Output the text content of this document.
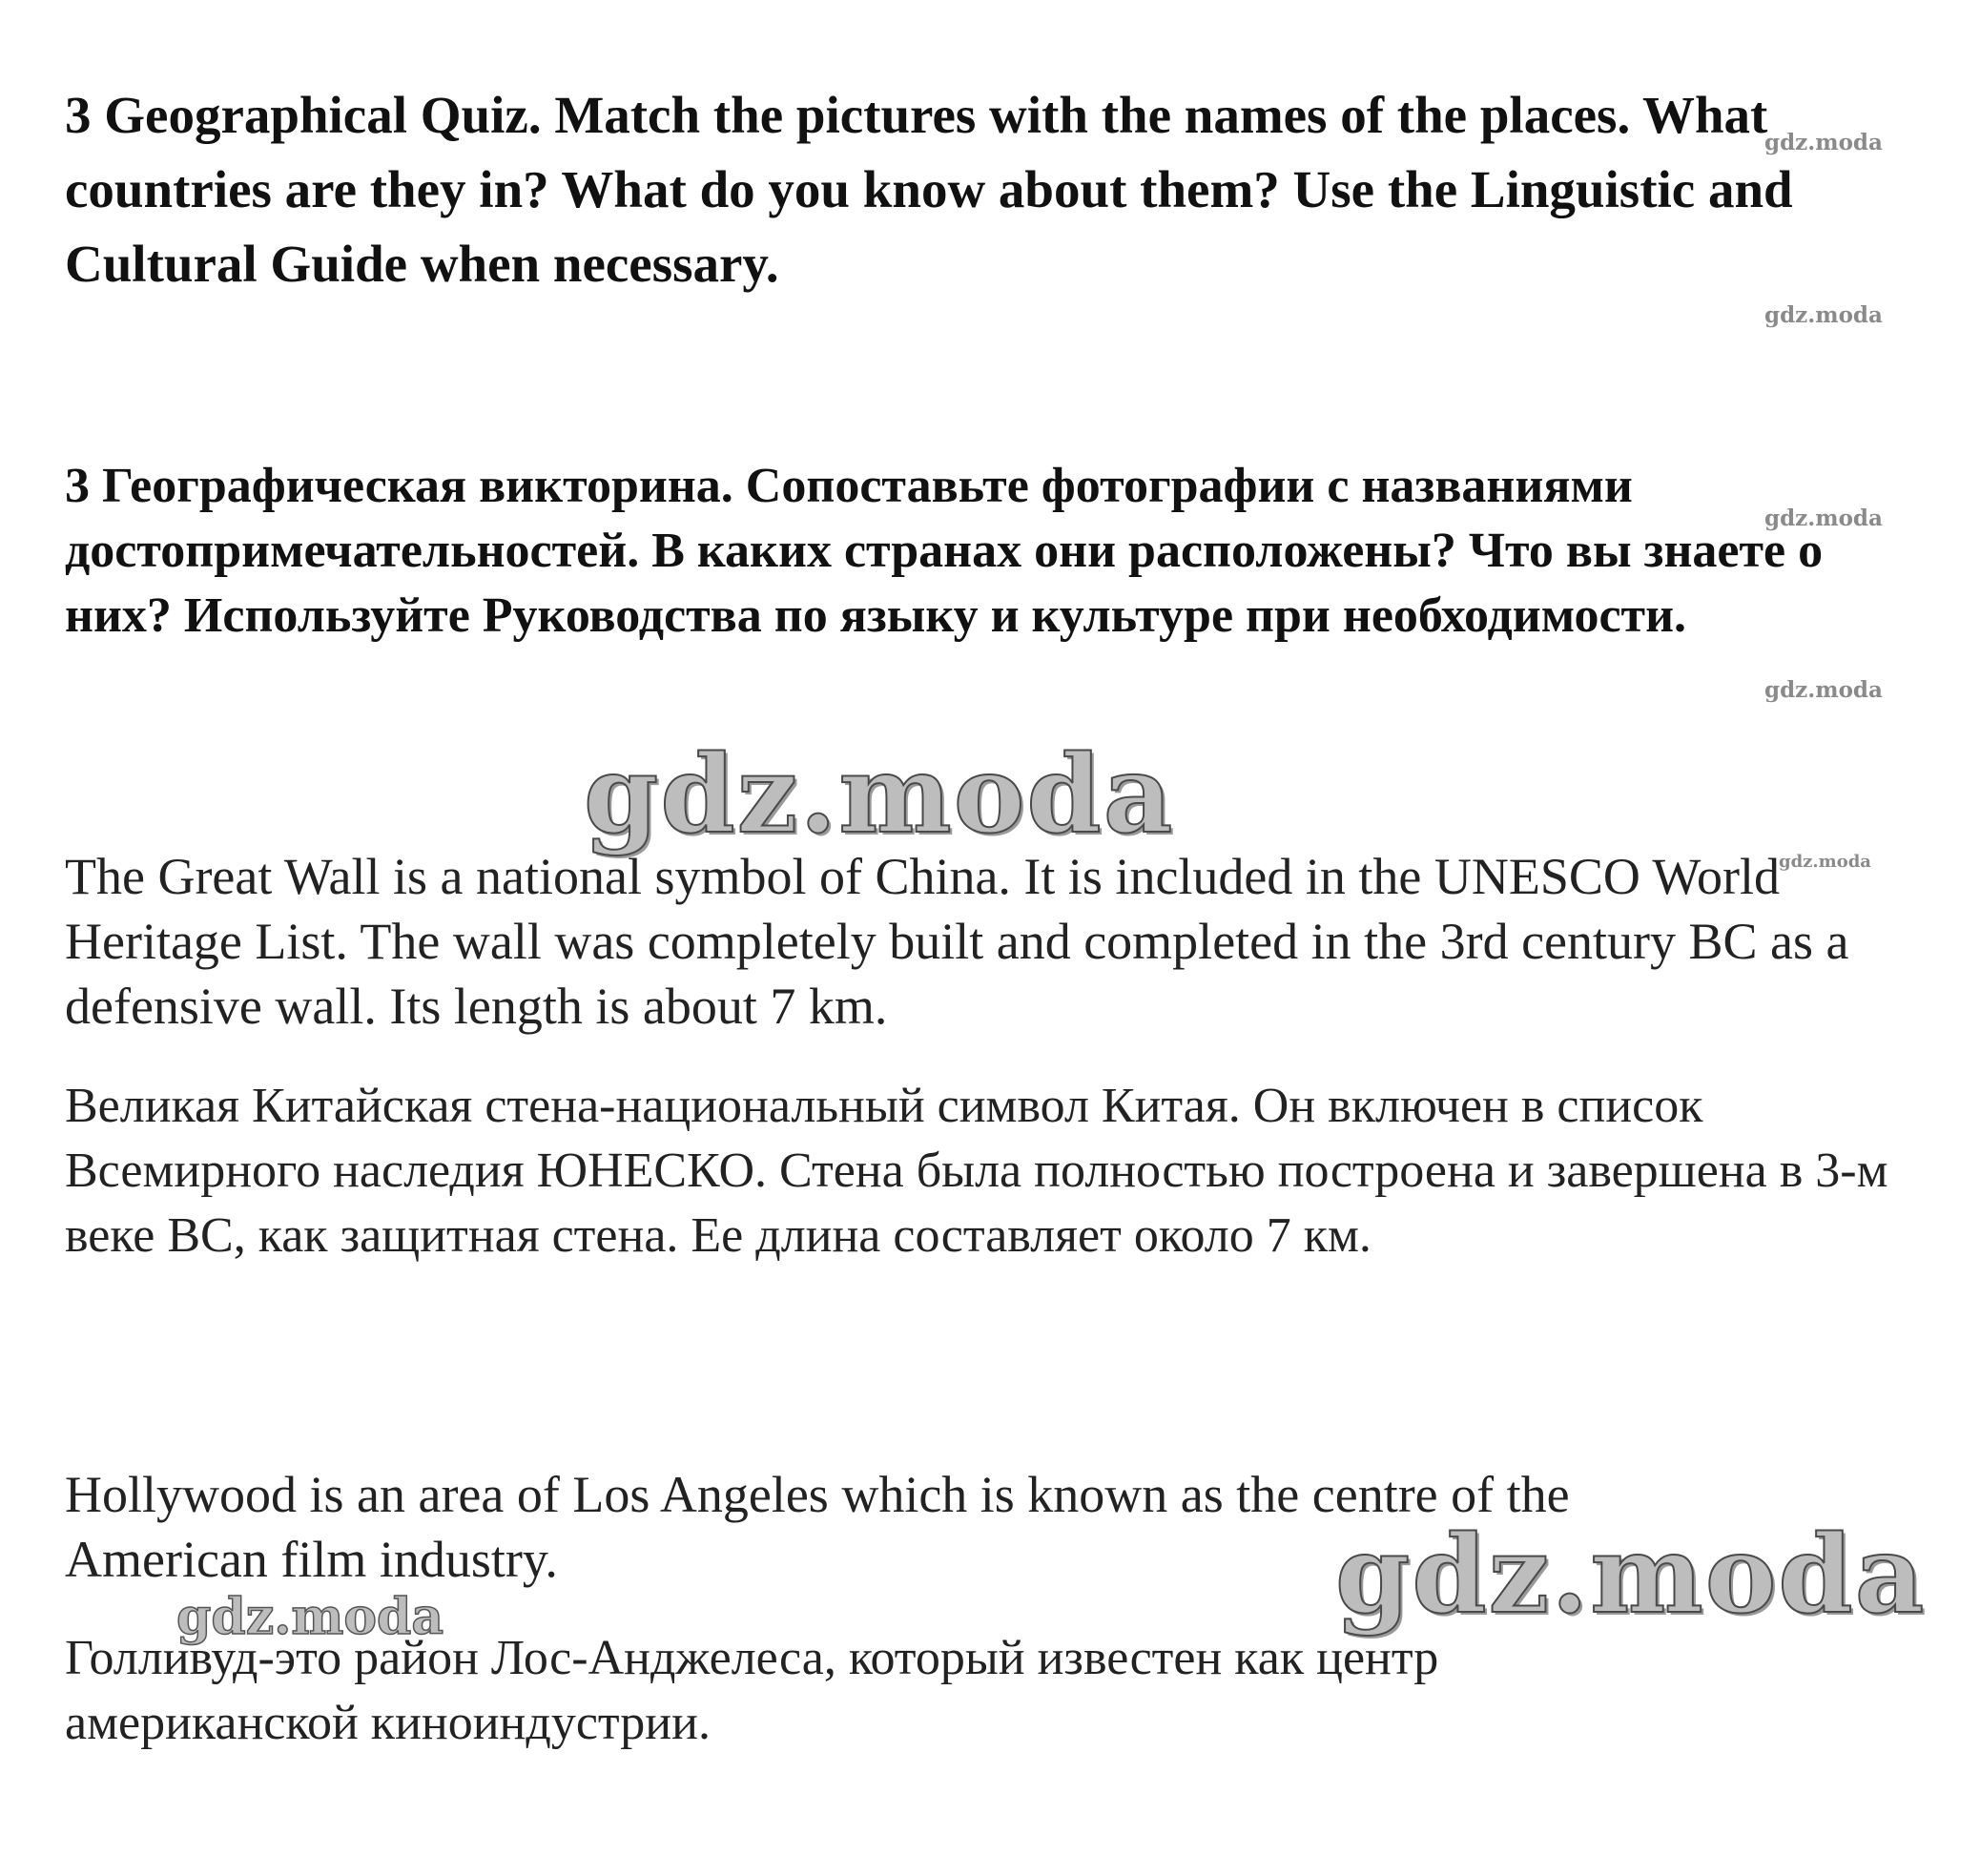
3 Geographical Quiz. Match the pictures with the names of the places. What countries are they in? What do you know about them? Use the Linguistic and Cultural Guide when necessary.

3 Географическая викторина. Сопоставьте фотографии с названиями достопримечательностей. В каких странах они расположены? Что вы знаете о них? Используйте Руководства по языку и культуре при необходимости.

The Great Wall is a national symbol of China. It is included in the UNESCO World Heritage List. The wall was completely built and completed in the 3rd century BC as a defensive wall. Its length is about 7 km.

Великая Китайская стена-национальный символ Китая. Он включен в список Всемирного наследия ЮНЕСКО. Стена была полностью построена и завершена в 3-м веке BC, как защитная стена. Ее длина составляет около 7 км.

Hollywood is an area of Los Angeles which is known as the centre of the American film industry.

Голливуд-это район Лос-Анджелеса, который известен как центр американской киноиндустрии.

gdz.moda
gdz.moda
gdz.moda
gdz.moda
gdz.moda
gdz.moda
gdz.moda
gdz.moda
